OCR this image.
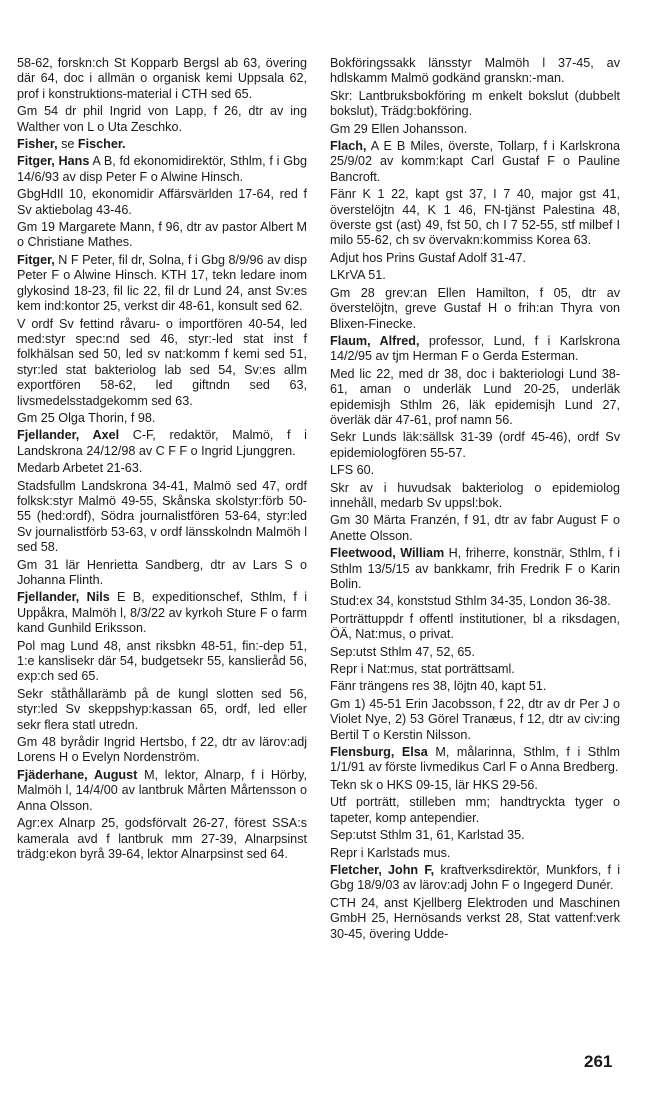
58-62, forskn:ch St Kopparb Bergsl ab 63, övering där 64, doc i allmän o organisk kemi Uppsala 62, prof i konstruktions-material i CTH sed 65.

Gm 54 dr phil Ingrid von Lapp, f 26, dtr av ing Walther von L o Uta Zeschko.

Fisher, se Fischer.

Fitger, Hans A B, fd ekonomidirektör, Sthlm, f i Gbg 14/6/93 av disp Peter F o Alwine Hinsch.

GbgHdIl 10, ekonomidir Affärsvärlden 17-64, red f Sv aktiebolag 43-46.

Gm 19 Margarete Mann, f 96, dtr av pastor Albert M o Christiane Mathes.

Fitger, N F Peter, fil dr, Solna, f i Gbg 8/9/96 av disp Peter F o Alwine Hinsch. KTH 17, tekn ledare inom glykosind 18-23, fil lic 22, fil dr Lund 24, anst Sv:es kem ind:kontor 25, verkst dir 48-61, konsult sed 62.

V ordf Sv fettind råvaru- o importfören 40-54, led med:styr spec:nd sed 46, styr:-led stat inst f folkhälsan sed 50, led sv nat:komm f kemi sed 51, styr:led stat bakteriolog lab sed 54, Sv:es allm exportfören 58-62, led giftndn sed 63, livsmedelsstadgekomm sed 63.

Gm 25 Olga Thorin, f 98.

Fjellander, Axel C-F, redaktör, Malmö, f i Landskrona 24/12/98 av C F F o Ingrid Ljunggren.

Medarb Arbetet 21-63.

Stadsfullm Landskrona 34-41, Malmö sed 47, ordf folksk:styr Malmö 49-55, Skånska skolstyr:förb 50-55 (hed:ordf), Södra journalistfören 53-64, styr:led Sv journalistförb 53-63, v ordf länsskolndn Malmöh l sed 58.

Gm 31 lär Henrietta Sandberg, dtr av Lars S o Johanna Flinth.

Fjellander, Nils E B, expeditionschef, Sthlm, f i Uppåkra, Malmöh l, 8/3/22 av kyrkoh Sture F o farm kand Gunhild Eriksson.

Pol mag Lund 48, anst riksbkn 48-51, fin:-dep 51, 1:e kanslisekr där 54, budgetsekr 55, kanslieråd 56, exp:ch sed 65.

Sekr ståthållarämb på de kungl slotten sed 56, styr:led Sv skeppshyp:kassan 65, ordf, led eller sekr flera statl utredn.

Gm 48 byrådir Ingrid Hertsbo, f 22, dtr av lärov:adj Lorens H o Evelyn Nordenström.

Fjäderhane, August M, lektor, Alnarp, f i Hörby, Malmöh l, 14/4/00 av lantbruk Mårten Mårtensson o Anna Olsson.

Agr:ex Alnarp 25, godsförvalt 26-27, förest SSA:s kamerala avd f lantbruk mm 27-39, Alnarpsinst trädg:ekon byrå 39-64, lektor Alnarpsinst sed 64.

Bokföringssakk länsstyr Malmöh l 37-45, av hdlskamm Malmö godkänd granskn:-man.

Skr: Lantbruksbokföring m enkelt bokslut (dubbelt bokslut), Trädg:bokföring.

Gm 29 Ellen Johansson.

Flach, A E B Miles, överste, Tollarp, f i Karlskrona 25/9/02 av komm:kapt Carl Gustaf F o Pauline Bancroft.

Fänr K 1 22, kapt gst 37, I 7 40, major gst 41, överstelöjtn 44, K 1 46, FN-tjänst Palestina 48, överste gst (ast) 49, fst 50, ch I 7 52-55, stf milbef I milo 55-62, ch sv övervakn:kommiss Korea 63.

Adjut hos Prins Gustaf Adolf 31-47.

LKrVA 51.

Gm 28 grev:an Ellen Hamilton, f 05, dtr av överstelöjtn, greve Gustaf H o frih:an Thyra von Blixen-Finecke.

Flaum, Alfred, professor, Lund, f i Karlskrona 14/2/95 av tjm Herman F o Gerda Esterman.

Med lic 22, med dr 38, doc i bakteriologi Lund 38-61, aman o underläk Lund 20-25, underläk epidemisjh Sthlm 26, läk epidemisjh Lund 27, överläk där 47-61, prof namn 56.

Sekr Lunds läk:sällsk 31-39 (ordf 45-46), ordf Sv epidemiologfören 55-57.

LFS 60.

Skr av i huvudsak bakteriolog o epidemiolog innehåll, medarb Sv uppsl:bok.

Gm 30 Märta Franzén, f 91, dtr av fabr August F o Anette Olsson.

Fleetwood, William H, friherre, konstnär, Sthlm, f i Sthlm 13/5/15 av bankkamr, frih Fredrik F o Karin Bolin.

Stud:ex 34, konststud Sthlm 34-35, London 36-38.

Porträttuppdr f offentl institutioner, bl a riksdagen, ÖÄ, Nat:mus, o privat.

Sep:utst Sthlm 47, 52, 65.

Repr i Nat:mus, stat porträttsaml.

Fänr trängens res 38, löjtn 40, kapt 51.

Gm 1) 45-51 Erin Jacobsson, f 22, dtr av dr Per J o Violet Nye, 2) 53 Görel Tranæus, f 12, dtr av civ:ing Bertil T o Kerstin Nilsson.

Flensburg, Elsa M, målarinna, Sthlm, f i Sthlm 1/1/91 av förste livmedikus Carl F o Anna Bredberg.

Tekn sk o HKS 09-15, lär HKS 29-56.

Utf porträtt, stilleben mm; handtryckta tyger o tapeter, komp antependier.

Sep:utst Sthlm 31, 61, Karlstad 35.

Repr i Karlstads mus.

Fletcher, John F, kraftverksdirektör, Munkfors, f i Gbg 18/9/03 av lärov:adj John F o Ingegerd Dunér.

CTH 24, anst Kjellberg Elektroden und Maschinen GmbH 25, Hernösands verkst 28, Stat vattenf:verk 30-45, övering Udde-

261
